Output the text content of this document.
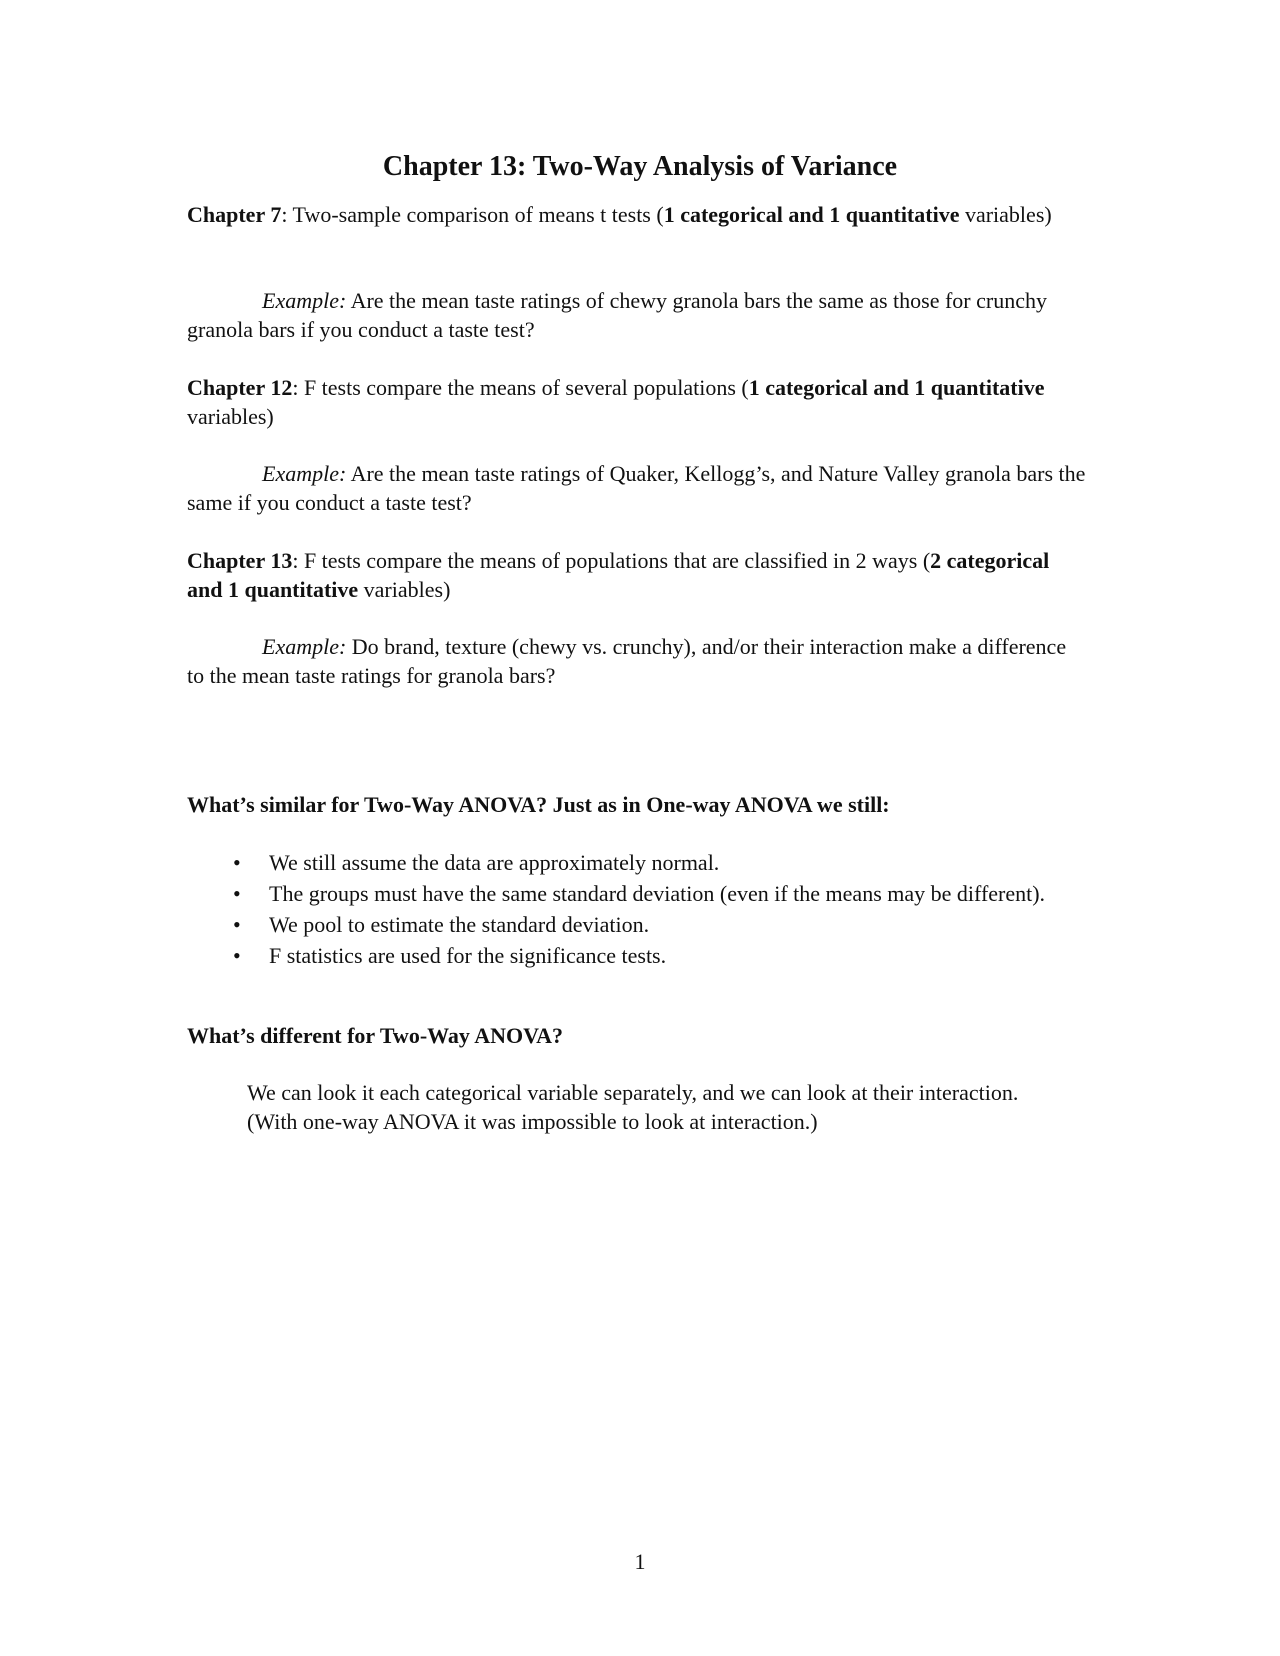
Chapter 13: Two-Way Analysis of Variance
Chapter 7: Two-sample comparison of means t tests (1 categorical and 1 quantitative variables)
Example: Are the mean taste ratings of chewy granola bars the same as those for crunchy granola bars if you conduct a taste test?
Chapter 12: F tests compare the means of several populations (1 categorical and 1 quantitative variables)
Example: Are the mean taste ratings of Quaker, Kellogg’s, and Nature Valley granola bars the same if you conduct a taste test?
Chapter 13: F tests compare the means of populations that are classified in 2 ways (2 categorical and 1 quantitative variables)
Example: Do brand, texture (chewy vs. crunchy), and/or their interaction make a difference to the mean taste ratings for granola bars?
What’s similar for Two-Way ANOVA? Just as in One-way ANOVA we still:
• We still assume the data are approximately normal.
• The groups must have the same standard deviation (even if the means may be different).
• We pool to estimate the standard deviation.
• F statistics are used for the significance tests.
What’s different for Two-Way ANOVA?
We can look it each categorical variable separately, and we can look at their interaction. (With one-way ANOVA it was impossible to look at interaction.)
1
